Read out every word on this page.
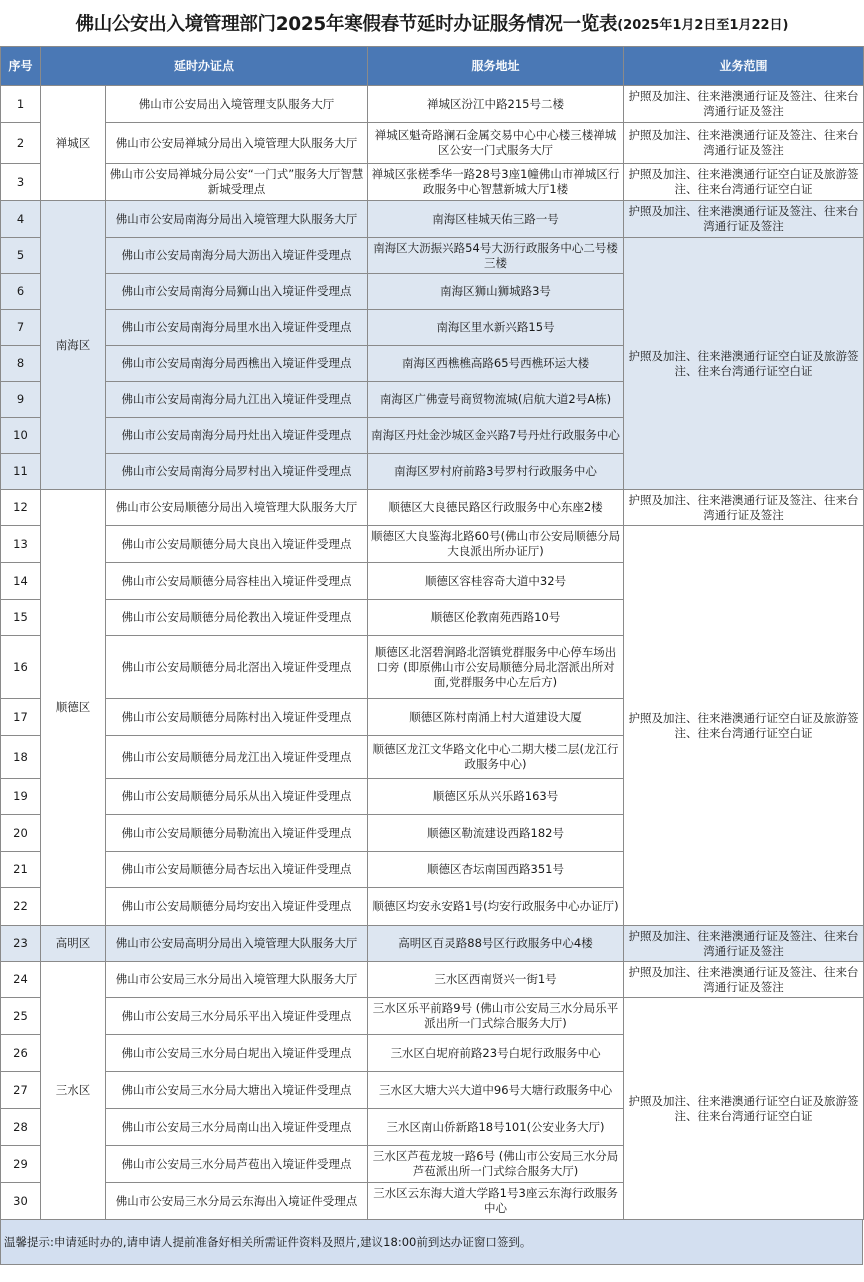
佛山公安出入境管理部门2025年寒假春节延时办证服务情况一览表 (2025年1月2日至1月22日)
序号	延时办证点		服务地址	业务范围
1	禅城区	佛山市公安局出入境管理支队服务大厅	禅城区汾江中路215号二楼	护照及加注、往来港澳通行证及签注、往来台湾通行证及签注
2		佛山市公安局禅城分局出入境管理大队服务大厅	禅城区魁奇路澜石金属交易中心中心楼三楼禅城区公安一门式服务大厅	护照及加注、往来港澳通行证及签注、往来台湾通行证及签注
3		佛山市公安局禅城分局公安“一门式”服务大厅智慧新城受理点	禅城区张槎季华一路28号3座1幢佛山市禅城区行政服务中心智慧新城大厅1楼	护照及加注、往来港澳通行证空白证及旅游签注、往来台湾通行证空白证
4	南海区	佛山市公安局南海分局出入境管理大队服务大厅	南海区桂城天佑三路一号	护照及加注、往来港澳通行证及签注、往来台湾通行证及签注
5		佛山市公安局南海分局大沥出入境证件受理点	南海区大沥振兴路54号大沥行政服务中心二号楼三楼	护照及加注、往来港澳通行证空白证及旅游签注、往来台湾通行证空白证
6		佛山市公安局南海分局狮山出入境证件受理点	南海区狮山狮城路3号	
7		佛山市公安局南海分局里水出入境证件受理点	南海区里水新兴路15号	
8		佛山市公安局南海分局西樵出入境证件受理点	南海区西樵樵高路65号西樵环运大楼	
9		佛山市公安局南海分局九江出入境证件受理点	南海区广佛壹号商贸物流城(启航大道2号A栋)	
10		佛山市公安局南海分局丹灶出入境证件受理点	南海区丹灶金沙城区金兴路7号丹灶行政服务中心	
11		佛山市公安局南海分局罗村出入境证件受理点	南海区罗村府前路3号罗村行政服务中心	
12	顺德区	佛山市公安局顺德分局出入境管理大队服务大厅	顺德区大良德民路区行政服务中心东座2楼	护照及加注、往来港澳通行证及签注、往来台湾通行证及签注
13		佛山市公安局顺德分局大良出入境证件受理点	顺德区大良鉴海北路60号(佛山市公安局顺德分局大良派出所办证厅)	护照及加注、往来港澳通行证空白证及旅游签注、往来台湾通行证空白证
14		佛山市公安局顺德分局容桂出入境证件受理点	顺德区容桂容奇大道中32号	
15		佛山市公安局顺德分局伦教出入境证件受理点	顺德区伦教南苑西路10号	
16		佛山市公安局顺德分局北滘出入境证件受理点	顺德区北滘碧涧路北滘镇党群服务中心停车场出口旁 (即原佛山市公安局顺德分局北滘派出所对面,党群服务中心左后方)	
17		佛山市公安局顺德分局陈村出入境证件受理点	顺德区陈村南涌上村大道建设大厦	
18		佛山市公安局顺德分局龙江出入境证件受理点	顺德区龙江文华路文化中心二期大楼二层(龙江行政服务中心)	
19		佛山市公安局顺德分局乐从出入境证件受理点	顺德区乐从兴乐路163号	
20		佛山市公安局顺德分局勒流出入境证件受理点	顺德区勒流建设西路182号	
21		佛山市公安局顺德分局杏坛出入境证件受理点	顺德区杏坛南国西路351号	
22		佛山市公安局顺德分局均安出入境证件受理点	顺德区均安永安路1号(均安行政服务中心办证厅)	
23	高明区	佛山市公安局高明分局出入境管理大队服务大厅	高明区百灵路88号区行政服务中心4楼	护照及加注、往来港澳通行证及签注、往来台湾通行证及签注
24	三水区	佛山市公安局三水分局出入境管理大队服务大厅	三水区西南贤兴一街1号	护照及加注、往来港澳通行证及签注、往来台湾通行证及签注
25		佛山市公安局三水分局乐平出入境证件受理点	三水区乐平前路9号 (佛山市公安局三水分局乐平派出所一门式综合服务大厅)	护照及加注、往来港澳通行证空白证及旅游签注、往来台湾通行证空白证
26		佛山市公安局三水分局白坭出入境证件受理点	三水区白坭府前路23号白坭行政服务中心	
27		佛山市公安局三水分局大塘出入境证件受理点	三水区大塘大兴大道中96号大塘行政服务中心	
28		佛山市公安局三水分局南山出入境证件受理点	三水区南山侨新路18号101(公安业务大厅)	
29		佛山市公安局三水分局芦苞出入境证件受理点	三水区芦苞龙坡一路6号 (佛山市公安局三水分局芦苞派出所一门式综合服务大厅)	
30		佛山市公安局三水分局云东海出入境证件受理点	三水区云东海大道大学路1号3座云东海行政服务中心	
温馨提示:申请延时办的,请申请人提前准备好相关所需证件资料及照片,建议18:00前到达办证窗口签到。
